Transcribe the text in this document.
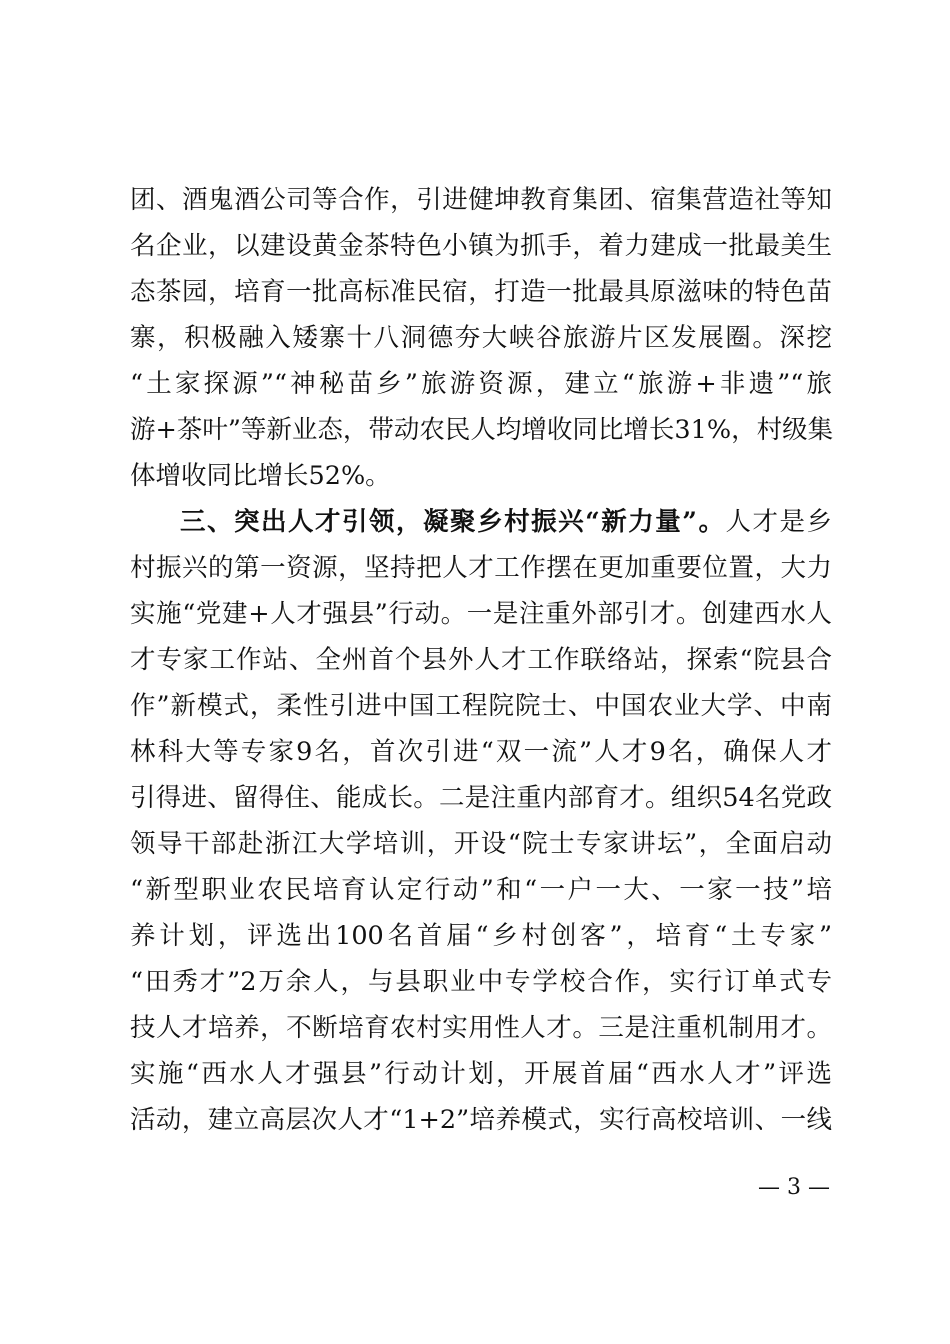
团、酒鬼酒公司等合作，引进健坤教育集团、宿集营造社等知
名企业，以建设黄金茶特色小镇为抓手，着力建成一批最美生
态茶园，培育一批高标准民宿，打造一批最具原滋味的特色苗
寨，积极融入矮寨十八洞德夯大峡谷旅游片区发展圈。深挖
“土家探源”“神秘苗乡”旅游资源，建立“旅游+非遗”“旅
游+茶叶”等新业态，带动农民人均增收同比增长31%，村级集
体增收同比增长52%。
三、突出人才引领，凝聚乡村振兴“新力量”。人才是乡
村振兴的第一资源，坚持把人才工作摆在更加重要位置，大力
实施“党建+人才强县”行动。一是注重外部引才。创建西水人
才专家工作站、全州首个县外人才工作联络站，探索“院县合
作”新模式，柔性引进中国工程院院士、中国农业大学、中南
林科大等专家9名，首次引进“双一流”人才9名，确保人才
引得进、留得住、能成长。二是注重内部育才。组织54名党政
领导干部赴浙江大学培训，开设“院士专家讲坛”，全面启动
“新型职业农民培育认定行动”和“一户一大、一家一技”培
养计划，评选出100名首届“乡村创客”，培育“土专家”
“田秀才”2万余人，与县职业中专学校合作，实行订单式专
技人才培养，不断培育农村实用性人才。三是注重机制用才。
实施“西水人才强县”行动计划，开展首届“西水人才”评选
活动，建立高层次人才“1+2”培养模式，实行高校培训、一线
— 3 —
